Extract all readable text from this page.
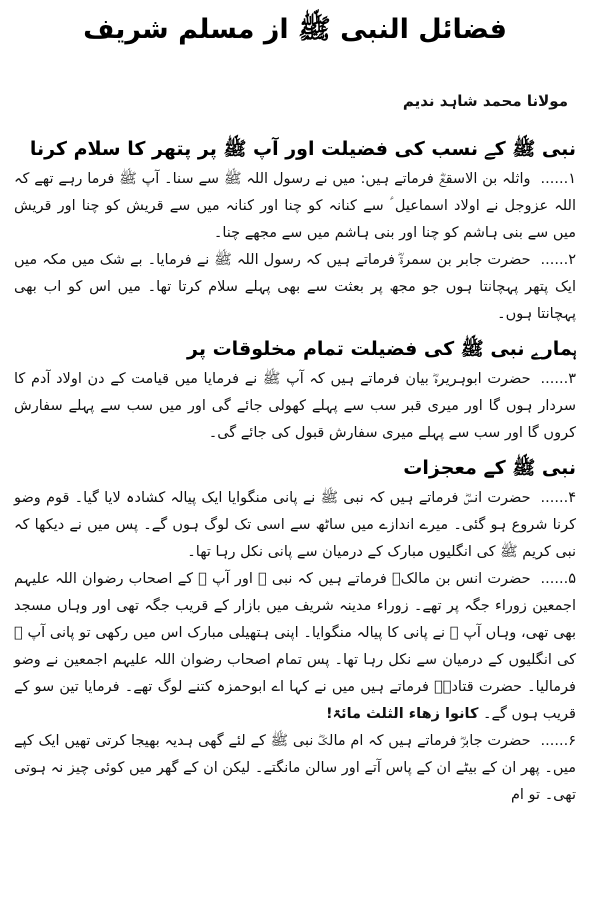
فضائل النبی ﷺ از مسلم شریف
مولانا محمد شاہد ندیم
نبی ﷺ کے نسب کی فضیلت اور آپ ﷺ پر پتھر کا سلام کرنا

۱......واثلہ بن الاسقعؓ فرماتے ہیں: میں نے رسول اللہ ﷺ سے سنا۔ آپ ﷺ فرما رہے تھے کہ اللہ عزوجل نے اولاد اسماعیل ؑ سے کنانہ کو چنا اور کنانہ میں سے قریش کو چنا اور قریش میں سے بنی ہاشم کو چنا اور بنی ہاشم میں سے مجھے چنا۔

۲......حضرت جابر بن سمرۃؓ فرماتے ہیں کہ رسول اللہ ﷺ نے فرمایا۔ بے شک میں مکہ میں ایک پتھر پہچانتا ہوں جو مجھ پر بعثت سے بھی پہلے سلام کرتا تھا۔ میں اس کو اب بھی پہچانتا ہوں۔

ہمارے نبی ﷺ کی فضیلت تمام مخلوقات پر

۳......حضرت ابوہریرہؓ بیان فرماتے ہیں کہ آپ ﷺ نے فرمایا میں قیامت کے دن اولاد آدم کا سردار ہوں گا اور میری قبر سب سے پہلے کھولی جائے گی اور میں سب سے پہلے سفارش کروں گا اور سب سے پہلے میری سفارش قبول کی جائے گی۔

نبی ﷺ کے معجزات

۴......حضرت انسؓ فرماتے ہیں کہ نبی ﷺ نے پانی منگوایا ایک پیالہ کشادہ لایا گیا۔ قوم وضو کرنا شروع ہو گئی۔ میرے اندازے میں ساٹھ سے اسی تک لوگ ہوں گے۔ پس میں نے دیکھا کہ نبی کریم ﷺ کی انگلیوں مبارک کے درمیان سے پانی نکل رہا تھا۔

۵......حضرت انس بن مالکؓ فرماتے ہیں کہ نبی ﷺ اور آپ ﷺ کے اصحاب رضوان اللہ علیہم اجمعین زوراء جگہ پر تھے۔ زوراء مدینہ شریف میں بازار کے قریب جگہ تھی اور وہاں مسجد بھی تھی، وہاں آپ ﷺ نے پانی کا پیالہ منگوایا۔ اپنی ہتھیلی مبارک اس میں رکھی تو پانی آپ ﷺ کی انگلیوں کے درمیان سے نکل رہا تھا۔ پس تمام اصحاب رضوان اللہ علیہم اجمعین نے وضو فرمالیا۔ حضرت قتادۃؓ فرماتے ہیں میں نے کہا اے ابوحمزہ کتنے لوگ تھے۔ فرمایا تین سو کے قریب ہوں گے۔ کانوا زھاء الثلث مائۃ!

۶......حضرت جابرؓ فرماتے ہیں کہ ام مالکؓ نبی ﷺ کے لئے گھی ہدیہ بھیجا کرتی تھیں ایک کپے میں۔ پھر ان کے بیٹے ان کے پاس آتے اور سالن مانگتے۔ لیکن ان کے گھر میں کوئی چیز نہ ہوتی تھی۔ تو ام
